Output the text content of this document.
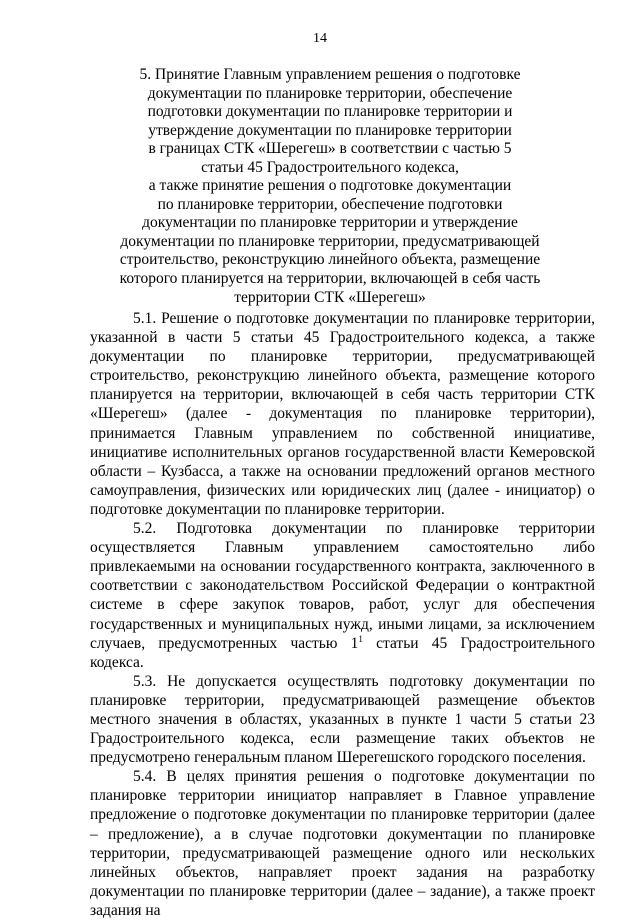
14
5. Принятие Главным управлением решения о подготовке
документации по планировке территории, обеспечение
подготовки документации по планировке территории и
утверждение документации по планировке территории
в границах СТК «Шерегеш» в соответствии с частью 5
статьи 45 Градостроительного кодекса,
а также принятие решения о подготовке документации
по планировке территории, обеспечение подготовки
документации по планировке территории и утверждение
документации по планировке территории, предусматривающей
строительство, реконструкцию линейного объекта, размещение
которого планируется на территории, включающей в себя часть
территории СТК «Шерегеш»

5.1. Решение о подготовке документации по планировке территории, указанной в части 5 статьи 45 Градостроительного кодекса, а также документации по планировке территории, предусматривающей строительство, реконструкцию линейного объекта, размещение которого планируется на территории, включающей в себя часть территории СТК «Шерегеш» (далее - документация по планировке территории), принимается Главным управлением по собственной инициативе, инициативе исполнительных органов государственной власти Кемеровской области – Кузбасса, а также на основании предложений органов местного самоуправления, физических или юридических лиц (далее - инициатор) о подготовке документации по планировке территории.

5.2. Подготовка документации по планировке территории осуществляется Главным управлением самостоятельно либо привлекаемыми на основании государственного контракта, заключенного в соответствии с законодательством Российской Федерации о контрактной системе в сфере закупок товаров, работ, услуг для обеспечения государственных и муниципальных нужд, иными лицами, за исключением случаев, предусмотренных частью $1^1$ статьи 45 Градостроительного кодекса.

5.3. Не допускается осуществлять подготовку документации по планировке территории, предусматривающей размещение объектов местного значения в областях, указанных в пункте 1 части 5 статьи 23 Градостроительного кодекса, если размещение таких объектов не предусмотрено генеральным планом Шерегешского городского поселения.

5.4. В целях принятия решения о подготовке документации по планировке территории инициатор направляет в Главное управление предложение о подготовке документации по планировке территории (далее – предложение), а в случае подготовки документации по планировке территории, предусматривающей размещение одного или нескольких линейных объектов, направляет проект задания на разработку документации по планировке территории (далее – задание), а также проект задания на
